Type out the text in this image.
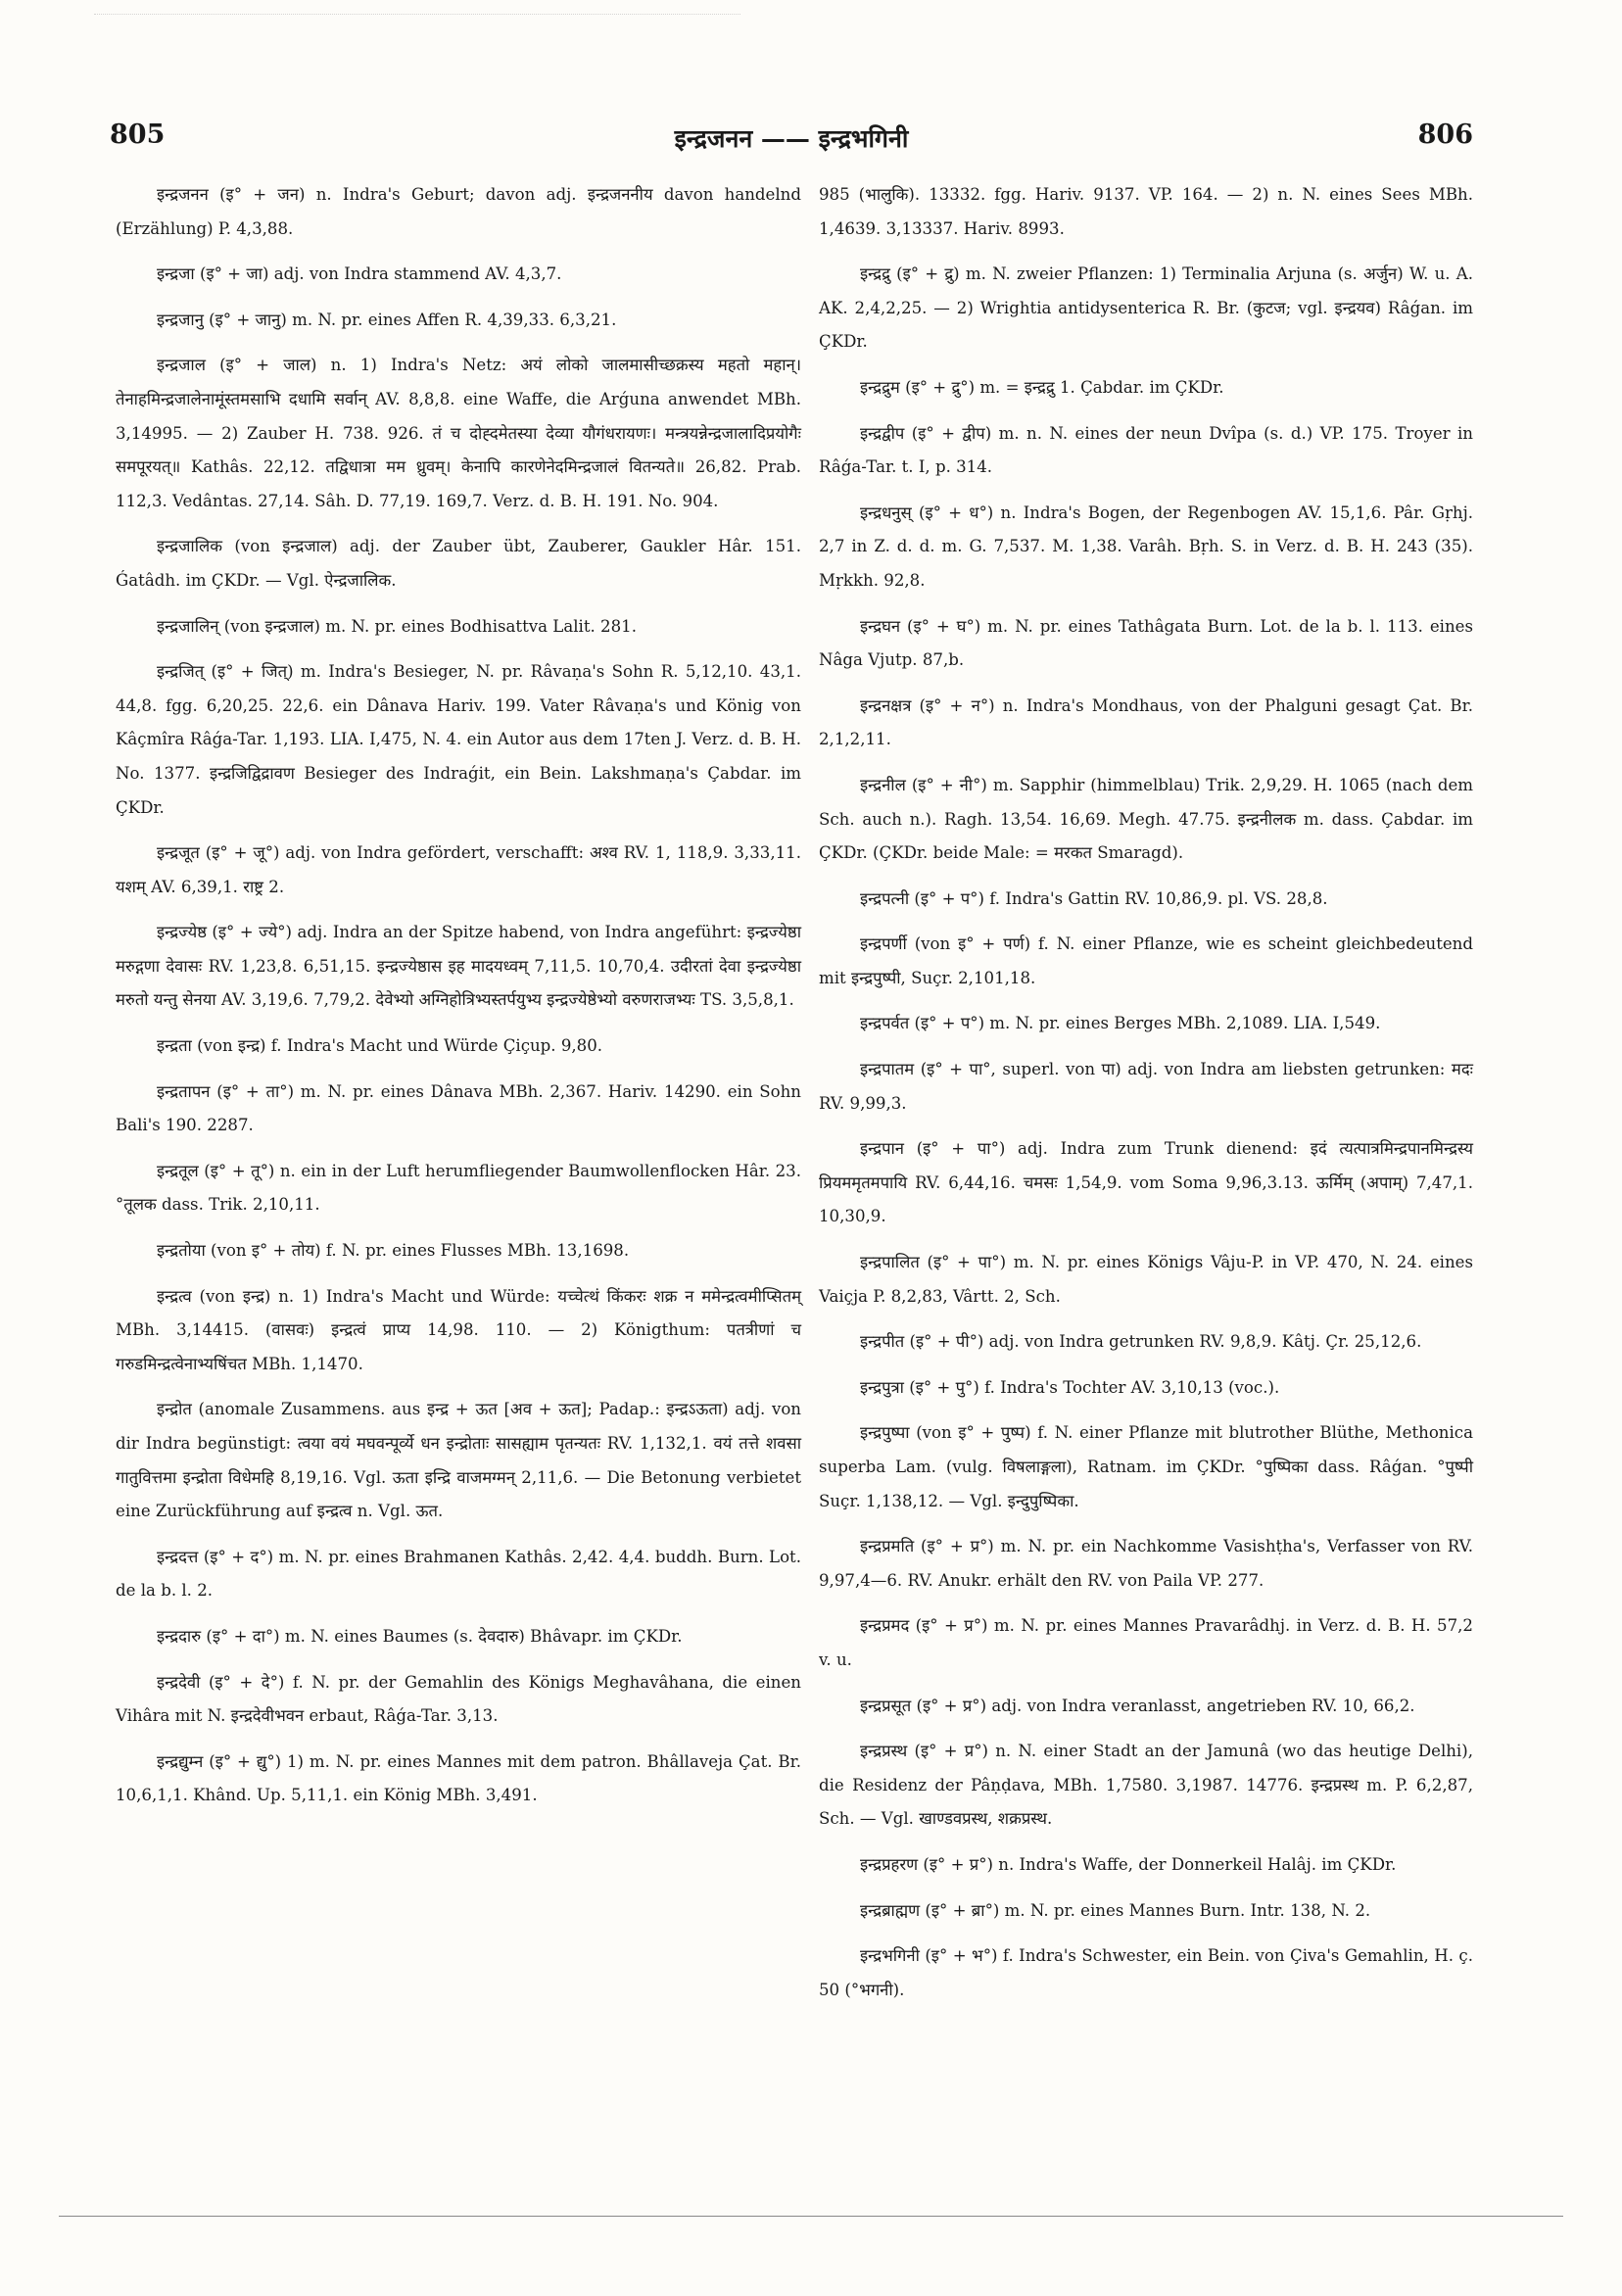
805	इन्द्रजनन —— इन्द्रभगिनी	806

इन्द्रजनन (इ° + जन) n. Indra's Geburt; davon adj. इन्द्रजननीय davon handelnd (Erzählung) P. 4,3,88.

इन्द्रजा (इ° + जा) adj. von Indra stammend AV. 4,3,7.

इन्द्रजानु (इ° + जानु) m. N. pr. eines Affen R. 4,39,33. 6,3,21.

इन्द्रजाल (इ° + जाल) n. 1) Indra's Netz: अयं लोको जालमासीच्छक्रस्य महतो महान्। तेनाहमिन्द्रजालेनामूंस्तमसाभि दधामि सर्वान् AV. 8,8,8. eine Waffe, die Arǵuna anwendet MBh. 3,14995. — 2) Zauber H. 738. 926. तं च दोह्दमेतस्या देव्या यौगंधरायणः। मन्त्रयन्नेन्द्रजालादिप्रयोगैः समपूरयत्॥ Kathâs. 22,12. तद्विधात्रा मम ध्रुवम्। केनापि कारणेनेदमिन्द्रजालं वितन्यते॥ 26,82. Prab. 112,3. Vedântas. 27,14. Sâh. D. 77,19. 169,7. Verz. d. B. H. 191. No. 904.

इन्द्रजालिक (von इन्द्रजाल) adj. der Zauber übt, Zauberer, Gaukler Hâr. 151. Ǵatâdh. im ÇKDr. — Vgl. ऐन्द्रजालिक.

इन्द्रजालिन् (von इन्द्रजाल) m. N. pr. eines Bodhisattva Lalit. 281.

इन्द्रजित् (इ° + जित्) m. Indra's Besieger, N. pr. Râvaṇa's Sohn R. 5,12,10. 43,1. 44,8. fgg. 6,20,25. 22,6. ein Dânava Hariv. 199. Vater Râvaṇa's und König von Kâçmîra Râǵa-Tar. 1,193. LIA. I,475, N. 4. ein Autor aus dem 17ten J. Verz. d. B. H. No. 1377. इन्द्रजिद्विद्रावण Besieger des Indraǵit, ein Bein. Lakshmaṇa's Çabdar. im ÇKDr.

इन्द्रजूत (इ° + जू°) adj. von Indra gefördert, verschafft: अश्व RV. 1, 118,9. 3,33,11. यशम् AV. 6,39,1. राष्ट्र 2.

इन्द्रज्येष्ठ (इ° + ज्ये°) adj. Indra an der Spitze habend, von Indra angeführt: इन्द्रज्येष्ठा मरुद्गणा देवासः RV. 1,23,8. 6,51,15. इन्द्रज्येष्ठास इह मादयध्वम् 7,11,5. 10,70,4. उदीरतां देवा इन्द्रज्येष्ठा मरुतो यन्तु सेनया AV. 3,19,6. 7,79,2. देवेभ्यो अग्निहोत्रिभ्यस्तर्पयुभ्य इन्द्रज्येष्ठेभ्यो वरुणराजभ्यः TS. 3,5,8,1.

इन्द्रता (von इन्द्र) f. Indra's Macht und Würde Çiçup. 9,80.

इन्द्रतापन (इ° + ता°) m. N. pr. eines Dânava MBh. 2,367. Hariv. 14290. ein Sohn Bali's 190. 2287.

इन्द्रतूल (इ° + तू°) n. ein in der Luft herumfliegender Baumwollenflocken Hâr. 23. °तूलक dass. Trik. 2,10,11.

इन्द्रतोया (von इ° + तोय) f. N. pr. eines Flusses MBh. 13,1698.

इन्द्रत्व (von इन्द्र) n. 1) Indra's Macht und Würde: यच्चेत्थं किंकरः शक्र न ममेन्द्रत्वमीप्सितम् MBh. 3,14415. (वासवः) इन्द्रत्वं प्राप्य 14,98. 110. — 2) Königthum: पतत्रीणां च गरुडमिन्द्रत्वेनाभ्यषिंचत MBh. 1,1470.

इन्द्रोत (anomale Zusammens. aus इन्द्र + ऊत [अव + ऊत]; Padap.: इन्द्रऽऊता) adj. von dir Indra begünstigt: त्वया वयं मघवन्पूर्व्ये धन इन्द्रोताः सासह्याम पृतन्यतः RV. 1,132,1. वयं तत्ते शवसा गातुवित्तमा इन्द्रोता विधेमहि 8,19,16. Vgl. ऊता इन्द्रि वाजमग्मन् 2,11,6. — Die Betonung verbietet eine Zurückführung auf इन्द्रत्व n. Vgl. ऊत.

इन्द्रदत्त (इ° + द°) m. N. pr. eines Brahmanen Kathâs. 2,42. 4,4. buddh. Burn. Lot. de la b. l. 2.

इन्द्रदारु (इ° + दा°) m. N. eines Baumes (s. देवदारु) Bhâvapr. im ÇKDr.

इन्द्रदेवी (इ° + दे°) f. N. pr. der Gemahlin des Königs Meghavâhana, die einen Vihâra mit N. इन्द्रदेवीभवन erbaut, Râǵa-Tar. 3,13.

इन्द्रद्युम्न (इ° + द्यु°) 1) m. N. pr. eines Mannes mit dem patron. Bhâllaveja Çat. Br. 10,6,1,1. Khând. Up. 5,11,1. ein König MBh. 3,491.

985 (भालुकि). 13332. fgg. Hariv. 9137. VP. 164. — 2) n. N. eines Sees MBh. 1,4639. 3,13337. Hariv. 8993.

इन्द्रद्रु (इ° + द्रु) m. N. zweier Pflanzen: 1) Terminalia Arjuna (s. अर्जुन) W. u. A. AK. 2,4,2,25. — 2) Wrightia antidysenterica R. Br. (कुटज; vgl. इन्द्रयव) Râǵan. im ÇKDr.

इन्द्रद्रुम (इ° + द्रु°) m. = इन्द्रद्रु 1. Çabdar. im ÇKDr.

इन्द्रद्वीप (इ° + द्वीप) m. n. N. eines der neun Dvîpa (s. d.) VP. 175. Troyer in Râǵa-Tar. t. I, p. 314.

इन्द्रधनुस् (इ° + ध°) n. Indra's Bogen, der Regenbogen AV. 15,1,6. Pâr. Gṛhj. 2,7 in Z. d. d. m. G. 7,537. M. 1,38. Varâh. Bṛh. S. in Verz. d. B. H. 243 (35). Mṛkkh. 92,8.

इन्द्रघन (इ° + घ°) m. N. pr. eines Tathâgata Burn. Lot. de la b. l. 113. eines Nâga Vjutp. 87,b.

इन्द्रनक्षत्र (इ° + न°) n. Indra's Mondhaus, von der Phalguni gesagt Çat. Br. 2,1,2,11.

इन्द्रनील (इ° + नी°) m. Sapphir (himmelblau) Trik. 2,9,29. H. 1065 (nach dem Sch. auch n.). Ragh. 13,54. 16,69. Megh. 47.75. इन्द्रनीलक m. dass. Çabdar. im ÇKDr. (ÇKDr. beide Male: = मरकत Smaragd).

इन्द्रपत्नी (इ° + प°) f. Indra's Gattin RV. 10,86,9. pl. VS. 28,8.

इन्द्रपर्णी (von इ° + पर्ण) f. N. einer Pflanze, wie es scheint gleichbedeutend mit इन्द्रपुष्पी, Suçr. 2,101,18.

इन्द्रपर्वत (इ° + प°) m. N. pr. eines Berges MBh. 2,1089. LIA. I,549.

इन्द्रपातम (इ° + पा°, superl. von पा) adj. von Indra am liebsten getrunken: मदः RV. 9,99,3.

इन्द्रपान (इ° + पा°) adj. Indra zum Trunk dienend: इदं त्यत्पात्रमिन्द्रपानमिन्द्रस्य प्रियममृतमपायि RV. 6,44,16. चमसः 1,54,9. vom Soma 9,96,3.13. ऊर्मिम् (अपाम्) 7,47,1. 10,30,9.

इन्द्रपालित (इ° + पा°) m. N. pr. eines Königs Vâju-P. in VP. 470, N. 24. eines Vaiçja P. 8,2,83, Vârtt. 2, Sch.

इन्द्रपीत (इ° + पी°) adj. von Indra getrunken RV. 9,8,9. Kâtj. Çr. 25,12,6.

इन्द्रपुत्रा (इ° + पु°) f. Indra's Tochter AV. 3,10,13 (voc.).

इन्द्रपुष्पा (von इ° + पुष्प) f. N. einer Pflanze mit blutrother Blüthe, Methonica superba Lam. (vulg. विषलाङ्गला), Ratnam. im ÇKDr. °पुष्पिका dass. Râǵan. °पुष्पी Suçr. 1,138,12. — Vgl. इन्दुपुष्पिका.

इन्द्रप्रमति (इ° + प्र°) m. N. pr. ein Nachkomme Vasishṭha's, Verfasser von RV. 9,97,4—6. RV. Anukr. erhält den RV. von Paila VP. 277.

इन्द्रप्रमद (इ° + प्र°) m. N. pr. eines Mannes Pravarâdhj. in Verz. d. B. H. 57,2 v. u.

इन्द्रप्रसूत (इ° + प्र°) adj. von Indra veranlasst, angetrieben RV. 10, 66,2.

इन्द्रप्रस्थ (इ° + प्र°) n. N. einer Stadt an der Jamunâ (wo das heutige Delhi), die Residenz der Pâṇḍava, MBh. 1,7580. 3,1987. 14776. इन्द्रप्रस्थ m. P. 6,2,87, Sch. — Vgl. खाण्डवप्रस्थ, शक्रप्रस्थ.

इन्द्रप्रहरण (इ° + प्र°) n. Indra's Waffe, der Donnerkeil Halâj. im ÇKDr.

इन्द्रब्राह्मण (इ° + ब्रा°) m. N. pr. eines Mannes Burn. Intr. 138, N. 2.

इन्द्रभगिनी (इ° + भ°) f. Indra's Schwester, ein Bein. von Çiva's Gemahlin, H. ç. 50 (°भगनी).
